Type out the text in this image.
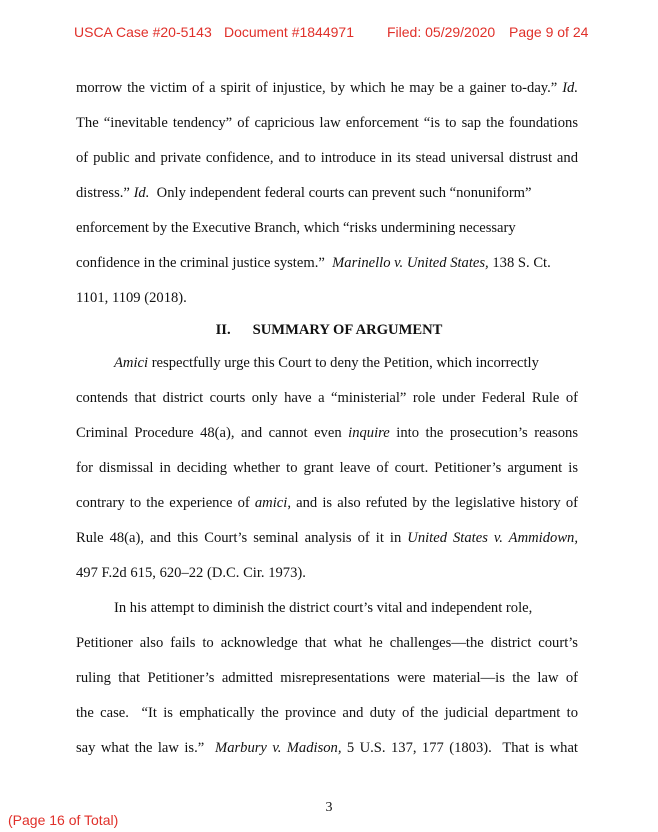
USCA Case #20-5143 Document #1844971 Filed: 05/29/2020 Page 9 of 24
morrow the victim of a spirit of injustice, by which he may be a gainer to-day.” Id.
The “inevitable tendency” of capricious law enforcement “is to sap the foundations
of public and private confidence, and to introduce in its stead universal distrust and
distress.” Id.  Only independent federal courts can prevent such “nonuniform”
enforcement by the Executive Branch, which “risks undermining necessary
confidence in the criminal justice system.”  Marinello v. United States, 138 S. Ct.
1101, 1109 (2018).
II. SUMMARY OF ARGUMENT
Amici respectfully urge this Court to deny the Petition, which incorrectly
contends that district courts only have a “ministerial” role under Federal Rule of
Criminal Procedure 48(a), and cannot even inquire into the prosecution’s reasons
for dismissal in deciding whether to grant leave of court. Petitioner’s argument is
contrary to the experience of amici, and is also refuted by the legislative history of
Rule 48(a), and this Court’s seminal analysis of it in United States v. Ammidown,
497 F.2d 615, 620–22 (D.C. Cir. 1973).
In his attempt to diminish the district court’s vital and independent role,
Petitioner also fails to acknowledge that what he challenges—the district court’s
ruling that Petitioner’s admitted misrepresentations were material—is the law of
the case.  “It is emphatically the province and duty of the judicial department to
say what the law is.”  Marbury v. Madison, 5 U.S. 137, 177 (1803).  That is what
3
(Page 16 of Total)
